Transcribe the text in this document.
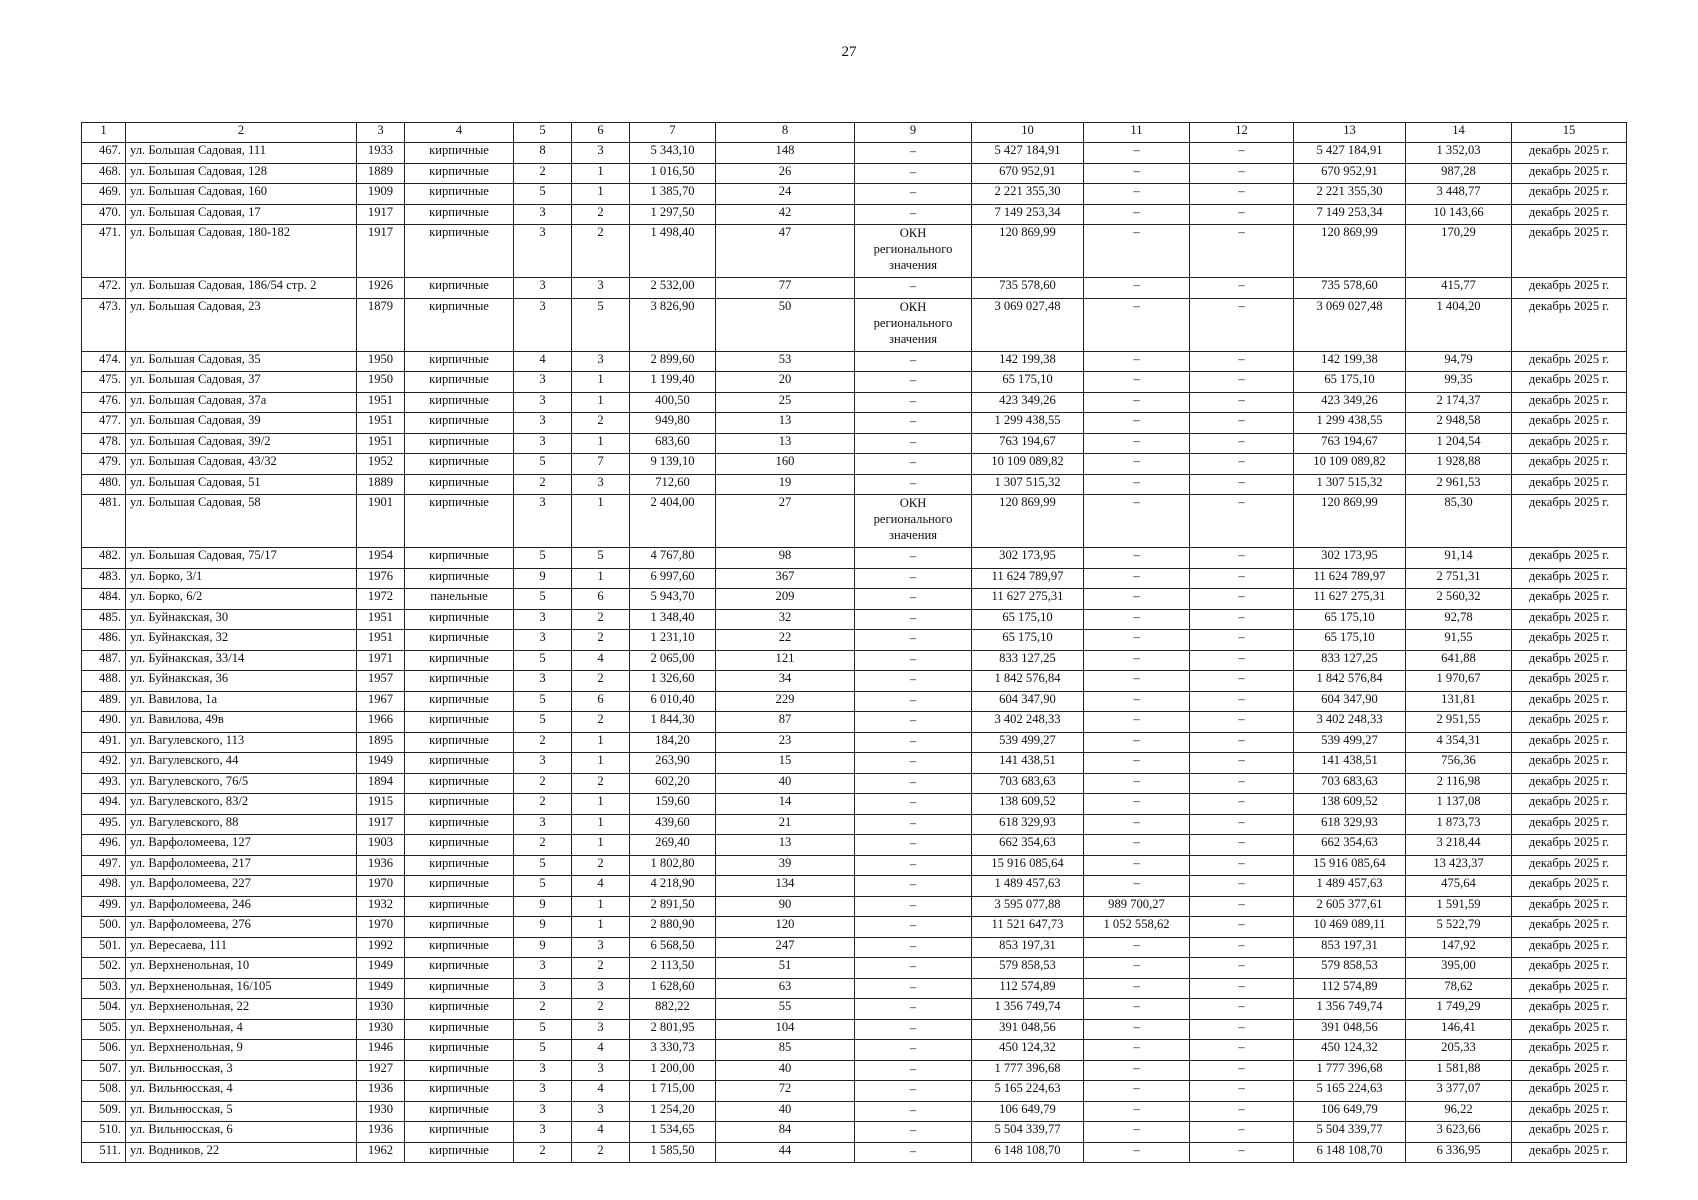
27
1	2	3	4	5	6	7	8	9	10	11	12	13	14	15
467.	ул. Большая Садовая, 111	1933	кирпичные	8	3	5 343,10	148	–	5 427 184,91	–	–	5 427 184,91	1 352,03	декабрь 2025 г.
468.	ул. Большая Садовая, 128	1889	кирпичные	2	1	1 016,50	26	–	670 952,91	–	–	670 952,91	987,28	декабрь 2025 г.
469.	ул. Большая Садовая, 160	1909	кирпичные	5	1	1 385,70	24	–	2 221 355,30	–	–	2 221 355,30	3 448,77	декабрь 2025 г.
470.	ул. Большая Садовая, 17	1917	кирпичные	3	2	1 297,50	42	–	7 149 253,34	–	–	7 149 253,34	10 143,66	декабрь 2025 г.
471.	ул. Большая Садовая, 180-182	1917	кирпичные	3	2	1 498,40	47	ОКН регионального значения	120 869,99	–	–	120 869,99	170,29	декабрь 2025 г.
472.	ул. Большая Садовая, 186/54 стр. 2	1926	кирпичные	3	3	2 532,00	77	–	735 578,60	–	–	735 578,60	415,77	декабрь 2025 г.
473.	ул. Большая Садовая, 23	1879	кирпичные	3	5	3 826,90	50	ОКН регионального значения	3 069 027,48	–	–	3 069 027,48	1 404,20	декабрь 2025 г.
474.	ул. Большая Садовая, 35	1950	кирпичные	4	3	2 899,60	53	–	142 199,38	–	–	142 199,38	94,79	декабрь 2025 г.
475.	ул. Большая Садовая, 37	1950	кирпичные	3	1	1 199,40	20	–	65 175,10	–	–	65 175,10	99,35	декабрь 2025 г.
476.	ул. Большая Садовая, 37а	1951	кирпичные	3	1	400,50	25	–	423 349,26	–	–	423 349,26	2 174,37	декабрь 2025 г.
477.	ул. Большая Садовая, 39	1951	кирпичные	3	2	949,80	13	–	1 299 438,55	–	–	1 299 438,55	2 948,58	декабрь 2025 г.
478.	ул. Большая Садовая, 39/2	1951	кирпичные	3	1	683,60	13	–	763 194,67	–	–	763 194,67	1 204,54	декабрь 2025 г.
479.	ул. Большая Садовая, 43/32	1952	кирпичные	5	7	9 139,10	160	–	10 109 089,82	–	–	10 109 089,82	1 928,88	декабрь 2025 г.
480.	ул. Большая Садовая, 51	1889	кирпичные	2	3	712,60	19	–	1 307 515,32	–	–	1 307 515,32	2 961,53	декабрь 2025 г.
481.	ул. Большая Садовая, 58	1901	кирпичные	3	1	2 404,00	27	ОКН регионального значения	120 869,99	–	–	120 869,99	85,30	декабрь 2025 г.
482.	ул. Большая Садовая, 75/17	1954	кирпичные	5	5	4 767,80	98	–	302 173,95	–	–	302 173,95	91,14	декабрь 2025 г.
483.	ул. Борко, 3/1	1976	кирпичные	9	1	6 997,60	367	–	11 624 789,97	–	–	11 624 789,97	2 751,31	декабрь 2025 г.
484.	ул. Борко, 6/2	1972	панельные	5	6	5 943,70	209	–	11 627 275,31	–	–	11 627 275,31	2 560,32	декабрь 2025 г.
485.	ул. Буйнакская, 30	1951	кирпичные	3	2	1 348,40	32	–	65 175,10	–	–	65 175,10	92,78	декабрь 2025 г.
486.	ул. Буйнакская, 32	1951	кирпичные	3	2	1 231,10	22	–	65 175,10	–	–	65 175,10	91,55	декабрь 2025 г.
487.	ул. Буйнакская, 33/14	1971	кирпичные	5	4	2 065,00	121	–	833 127,25	–	–	833 127,25	641,88	декабрь 2025 г.
488.	ул. Буйнакская, 36	1957	кирпичные	3	2	1 326,60	34	–	1 842 576,84	–	–	1 842 576,84	1 970,67	декабрь 2025 г.
489.	ул. Вавилова, 1а	1967	кирпичные	5	6	6 010,40	229	–	604 347,90	–	–	604 347,90	131,81	декабрь 2025 г.
490.	ул. Вавилова, 49в	1966	кирпичные	5	2	1 844,30	87	–	3 402 248,33	–	–	3 402 248,33	2 951,55	декабрь 2025 г.
491.	ул. Вагулевского, 113	1895	кирпичные	2	1	184,20	23	–	539 499,27	–	–	539 499,27	4 354,31	декабрь 2025 г.
492.	ул. Вагулевского, 44	1949	кирпичные	3	1	263,90	15	–	141 438,51	–	–	141 438,51	756,36	декабрь 2025 г.
493.	ул. Вагулевского, 76/5	1894	кирпичные	2	2	602,20	40	–	703 683,63	–	–	703 683,63	2 116,98	декабрь 2025 г.
494.	ул. Вагулевского, 83/2	1915	кирпичные	2	1	159,60	14	–	138 609,52	–	–	138 609,52	1 137,08	декабрь 2025 г.
495.	ул. Вагулевского, 88	1917	кирпичные	3	1	439,60	21	–	618 329,93	–	–	618 329,93	1 873,73	декабрь 2025 г.
496.	ул. Варфоломеева, 127	1903	кирпичные	2	1	269,40	13	–	662 354,63	–	–	662 354,63	3 218,44	декабрь 2025 г.
497.	ул. Варфоломеева, 217	1936	кирпичные	5	2	1 802,80	39	–	15 916 085,64	–	–	15 916 085,64	13 423,37	декабрь 2025 г.
498.	ул. Варфоломеева, 227	1970	кирпичные	5	4	4 218,90	134	–	1 489 457,63	–	–	1 489 457,63	475,64	декабрь 2025 г.
499.	ул. Варфоломеева, 246	1932	кирпичные	9	1	2 891,50	90	–	3 595 077,88	989 700,27	–	2 605 377,61	1 591,59	декабрь 2025 г.
500.	ул. Варфоломеева, 276	1970	кирпичные	9	1	2 880,90	120	–	11 521 647,73	1 052 558,62	–	10 469 089,11	5 522,79	декабрь 2025 г.
501.	ул. Вересаева, 111	1992	кирпичные	9	3	6 568,50	247	–	853 197,31	–	–	853 197,31	147,92	декабрь 2025 г.
502.	ул. Верхненольная, 10	1949	кирпичные	3	2	2 113,50	51	–	579 858,53	–	–	579 858,53	395,00	декабрь 2025 г.
503.	ул. Верхненольная, 16/105	1949	кирпичные	3	3	1 628,60	63	–	112 574,89	–	–	112 574,89	78,62	декабрь 2025 г.
504.	ул. Верхненольная, 22	1930	кирпичные	2	2	882,22	55	–	1 356 749,74	–	–	1 356 749,74	1 749,29	декабрь 2025 г.
505.	ул. Верхненольная, 4	1930	кирпичные	5	3	2 801,95	104	–	391 048,56	–	–	391 048,56	146,41	декабрь 2025 г.
506.	ул. Верхненольная, 9	1946	кирпичные	5	4	3 330,73	85	–	450 124,32	–	–	450 124,32	205,33	декабрь 2025 г.
507.	ул. Вильнюсская, 3	1927	кирпичные	3	3	1 200,00	40	–	1 777 396,68	–	–	1 777 396,68	1 581,88	декабрь 2025 г.
508.	ул. Вильнюсская, 4	1936	кирпичные	3	4	1 715,00	72	–	5 165 224,63	–	–	5 165 224,63	3 377,07	декабрь 2025 г.
509.	ул. Вильнюсская, 5	1930	кирпичные	3	3	1 254,20	40	–	106 649,79	–	–	106 649,79	96,22	декабрь 2025 г.
510.	ул. Вильнюсская, 6	1936	кирпичные	3	4	1 534,65	84	–	5 504 339,77	–	–	5 504 339,77	3 623,66	декабрь 2025 г.
511.	ул. Водников, 22	1962	кирпичные	2	2	1 585,50	44	–	6 148 108,70	–	–	6 148 108,70	6 336,95	декабрь 2025 г.
